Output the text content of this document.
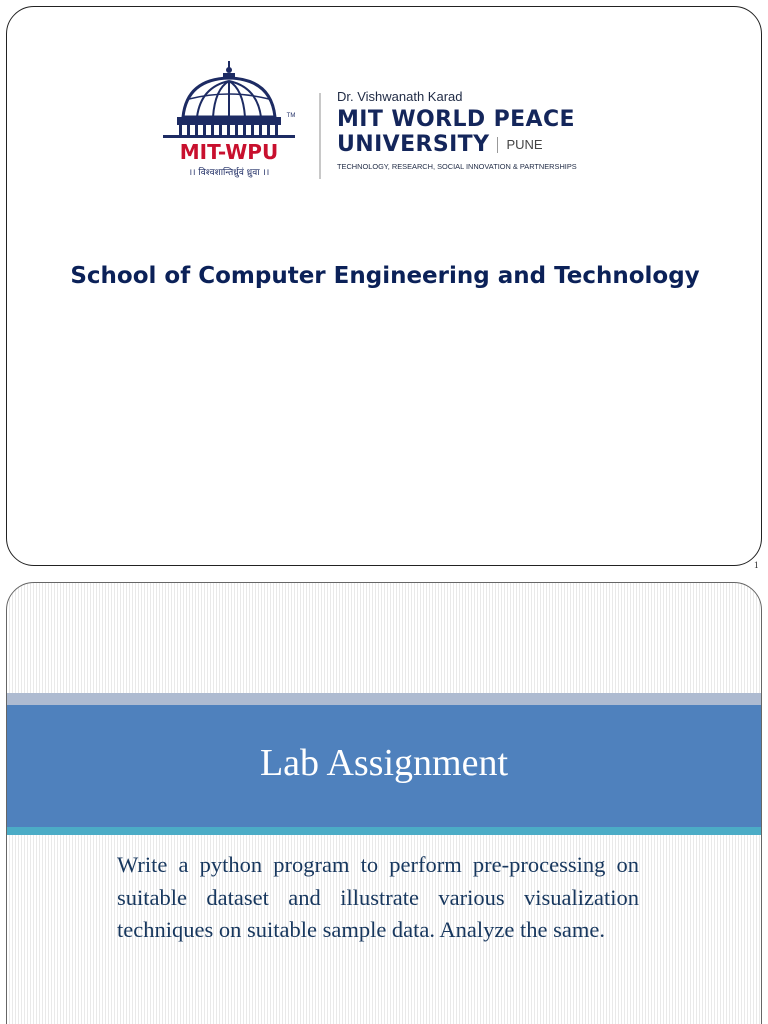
MIT-WPU
TM
।। विश्वशान्तिर्ध्रुवं ध्रुवा ।।
Dr. Vishwanath Karad
MIT WORLD PEACE
UNIVERSITY	PUNE
TECHNOLOGY, RESEARCH, SOCIAL INNOVATION & PARTNERSHIPS
School of Computer Engineering and Technology
1
Lab Assignment
Write a python program to perform pre-processing on suitable dataset and illustrate various visualization techniques on suitable sample data. Analyze the same.
